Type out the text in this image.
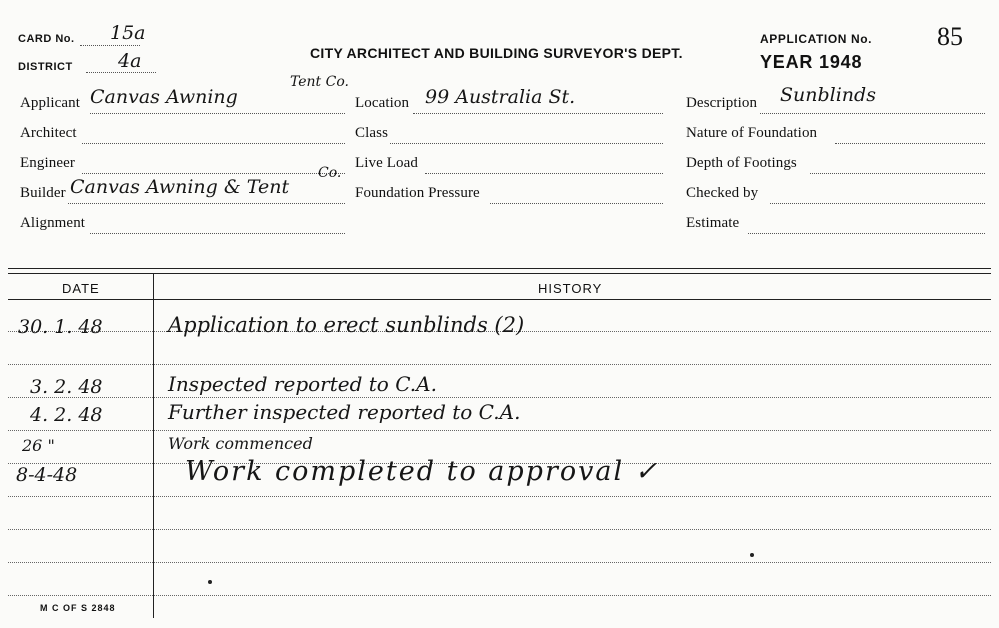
CARD No. 15a
DISTRICT 4a	CITY ARCHITECT AND BUILDING SURVEYOR'S DEPT.
APPLICATION No. 85
YEAR 1948
Applicant Canvas Awning
Tent Co.
Architect
Engineer
Builder Canvas Awning & Tent
Co.
Alignment
Location 99 Australia St.
Class
Live Load
Foundation Pressure
Description Sunblinds
Nature of Foundation
Depth of Footings
Checked by
Estimate
DATE	HISTORY
30. 1. 48	Application to erect sunblinds (2)
3. 2. 48	Inspected reported to C.A.
4. 2. 48	Further inspected reported to C.A.
26 "	Work commenced
8-4-48	Work completed to approval ✓
M C OF S 2848
